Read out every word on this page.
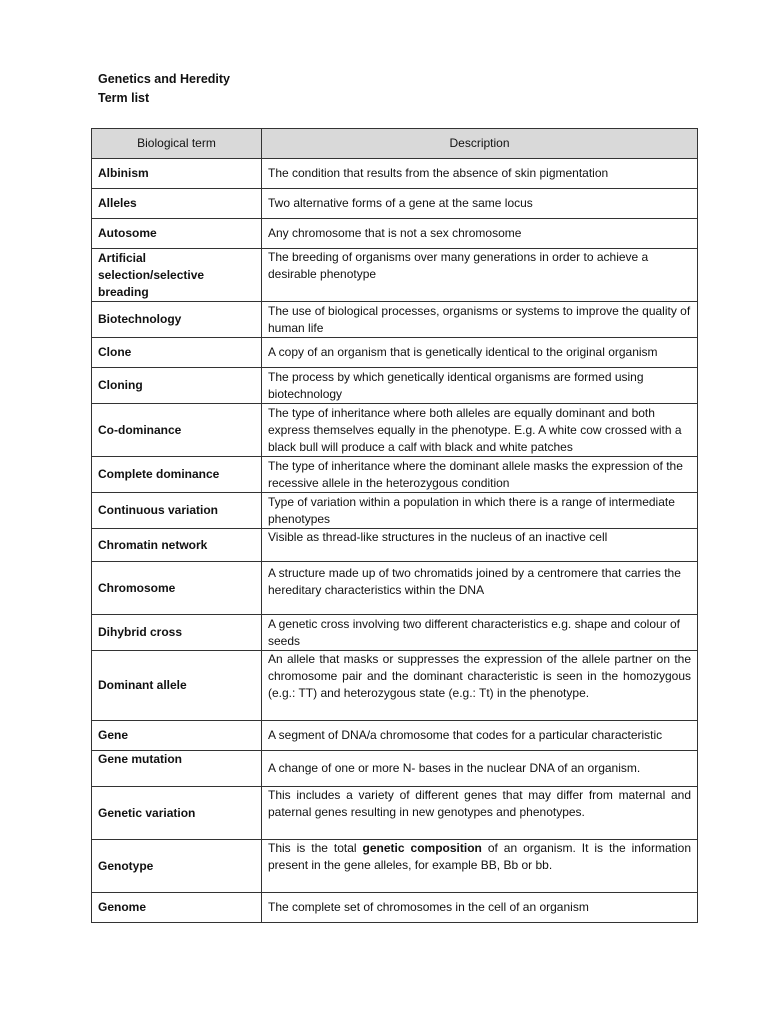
Genetics and Heredity
Term list
Biological term	Description
Albinism	The condition that results from the absence of skin pigmentation
Alleles	Two alternative forms of a gene at the same locus
Autosome	Any chromosome that is not a sex chromosome
Artificial selection/selective breading	The breeding of organisms over many generations in order to achieve a desirable phenotype
Biotechnology	The use of biological processes, organisms or systems to improve the quality of human life
Clone	A copy of an organism that is genetically identical to the original organism
Cloning	The process by which genetically identical organisms are formed using biotechnology
Co-dominance	The type of inheritance where both alleles are equally dominant and both express themselves equally in the phenotype. E.g. A white cow crossed with a black bull will produce a calf with black and white patches
Complete dominance	The type of inheritance where the dominant allele masks the expression of the recessive allele in the heterozygous condition
Continuous variation	Type of variation within a population in which there is a range of intermediate phenotypes
Chromatin network	Visible as thread-like structures in the nucleus of an inactive cell
Chromosome	A structure made up of two chromatids joined by a centromere that carries the hereditary characteristics within the DNA
Dihybrid cross	A genetic cross involving two different characteristics e.g. shape and colour of seeds
Dominant allele	An allele that masks or suppresses the expression of the allele partner on the chromosome pair and the dominant characteristic is seen in the homozygous (e.g.: TT) and heterozygous state (e.g.: Tt) in the phenotype.
Gene	A segment of DNA/a chromosome that codes for a particular characteristic
Gene mutation	A change of one or more N- bases in the nuclear DNA of an organism.
Genetic variation	This includes a variety of different genes that may differ from maternal and paternal genes resulting in new genotypes and phenotypes.
Genotype	This is the total genetic composition of an organism. It is the information present in the gene alleles, for example BB, Bb or bb.
Genome	The complete set of chromosomes in the cell of an organism
